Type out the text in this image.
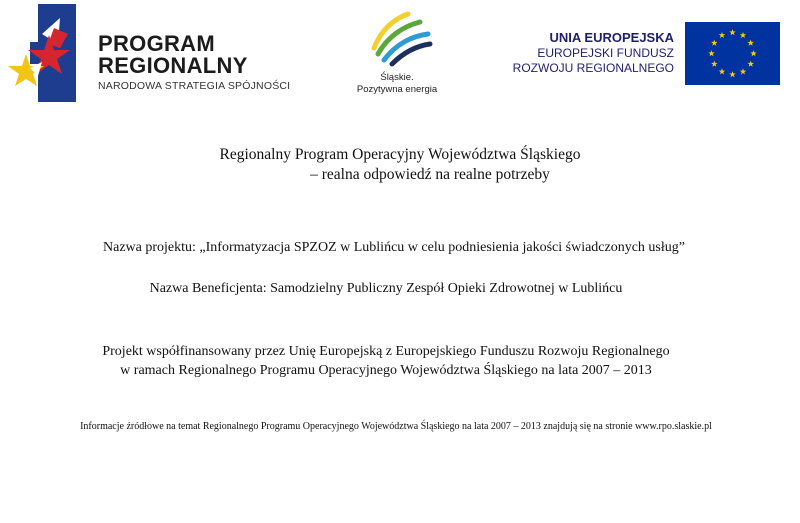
PROGRAM
REGIONALNY
NARODOWA STRATEGIA SPÓJNOŚCI
Śląskie.
Pozytywna energia
UNIA EUROPEJSKA
EUROPEJSKI FUNDUSZ
ROZWOJU REGIONALNEGO
Regionalny Program Operacyjny Województwa Śląskiego
– realna odpowiedź na realne potrzeby
Nazwa projektu: „Informatyzacja SPZOZ w Lublińcu w celu podniesienia jakości świadczonych usług”
Nazwa Beneficjenta: Samodzielny Publiczny Zespół Opieki Zdrowotnej w Lublińcu
Projekt współfinansowany przez Unię Europejską z Europejskiego Funduszu Rozwoju Regionalnego
w ramach Regionalnego Programu Operacyjnego Województwa Śląskiego na lata 2007 – 2013
Informacje źródłowe na temat Regionalnego Programu Operacyjnego Województwa Śląskiego na lata 2007 – 2013 znajdują się na stronie www.rpo.slaskie.pl
